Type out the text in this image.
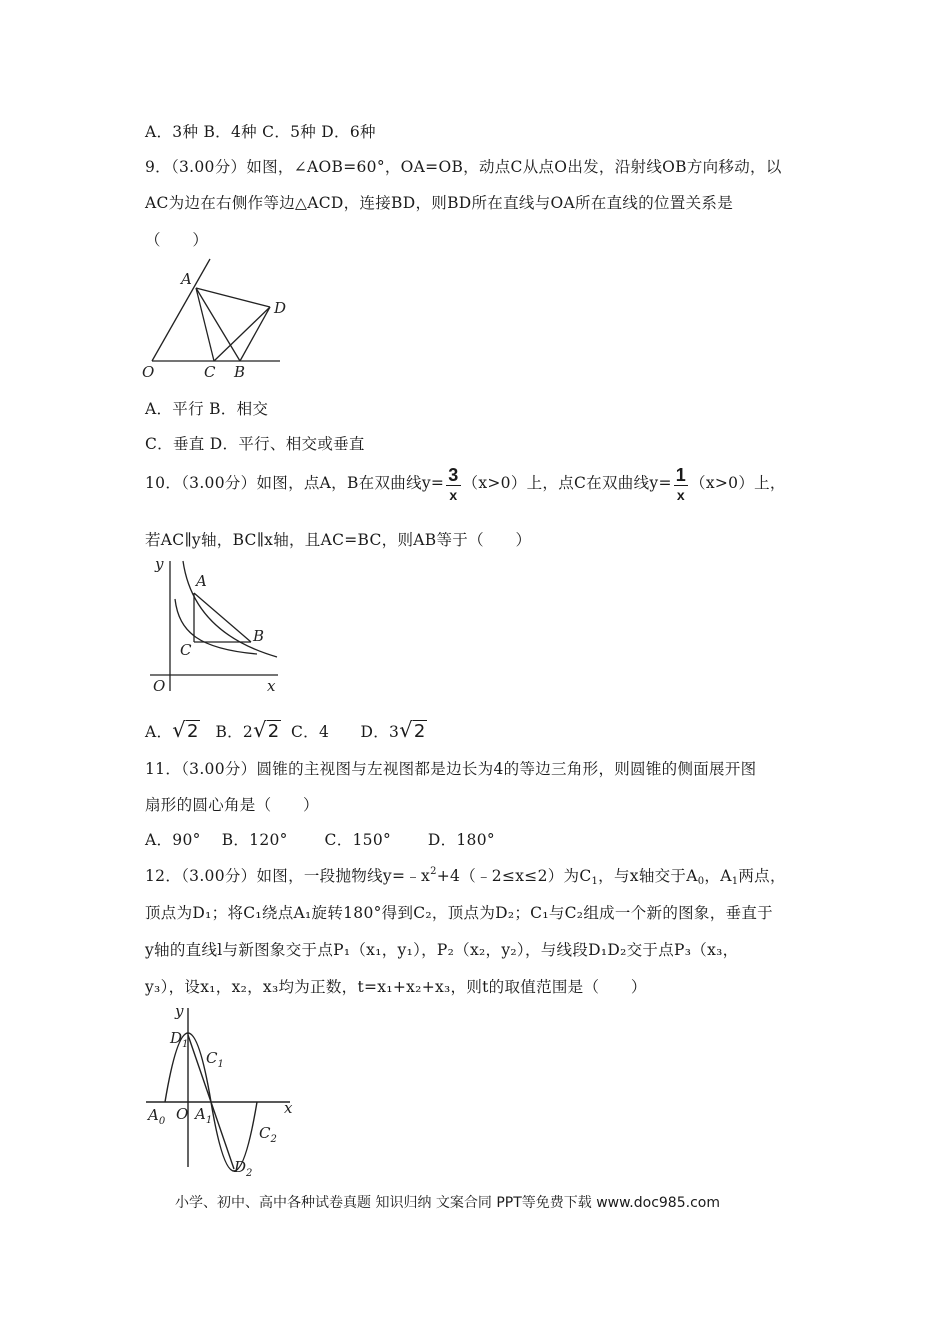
A．3种 B．4种 C．5种 D．6种
9．（3.00分）如图，∠AOB=60°，OA=OB，动点C从点O出发，沿射线OB方向移动，以
AC为边在右侧作等边△ACD，连接BD，则BD所在直线与OA所在直线的位置关系是
（　　）
A
D
O	C B
A．平行 B．相交
C．垂直 D．平行、相交或垂直
10．（3.00分）如图，点A，B在双曲线$y= \frac{3}{x} (x>0)$上，点C在双曲线$y= \frac{1}{x} (x>0)$上，
若AC∥y轴，BC∥x轴，且AC=BC，则AB等于（　　）
y
A
B
C
O	x
A．√2 B．2√2 C．4 D．3√2
11．（3.00分）圆锥的主视图与左视图都是边长为4的等边三角形，则圆锥的侧面展开图
扇形的圆心角是（　　）
A．90°　 B．120°　　 C．150°　　 D．180°
12．（3.00分）如图，一段抛物线$y=﹣x^2+4(﹣2\le x\le 2)$为$C_1$，与x轴交于$A_0$，$A_1$两点，
顶点为D₁；将C₁绕点A₁旋转180°得到C₂，顶点为D₂；C₁与C₂组成一个新的图象，垂直于
y轴的直线l与新图象交于点P₁（x₁，y₁），P₂（x₂，y₂），与线段D₁D₂交于点P₃（x₃，
y₃），设x₁，x₂，x₃均为正数，t=x₁+x₂+x₃，则t的取值范围是（　　）
y
$D_1$
$C_1$
$A_0$ O $A_1$
x
$C_2$
$D_2$
小学、初中、高中各种试卷真题 知识归纳 文案合同 PPT等免费下载 www.doc985.com
